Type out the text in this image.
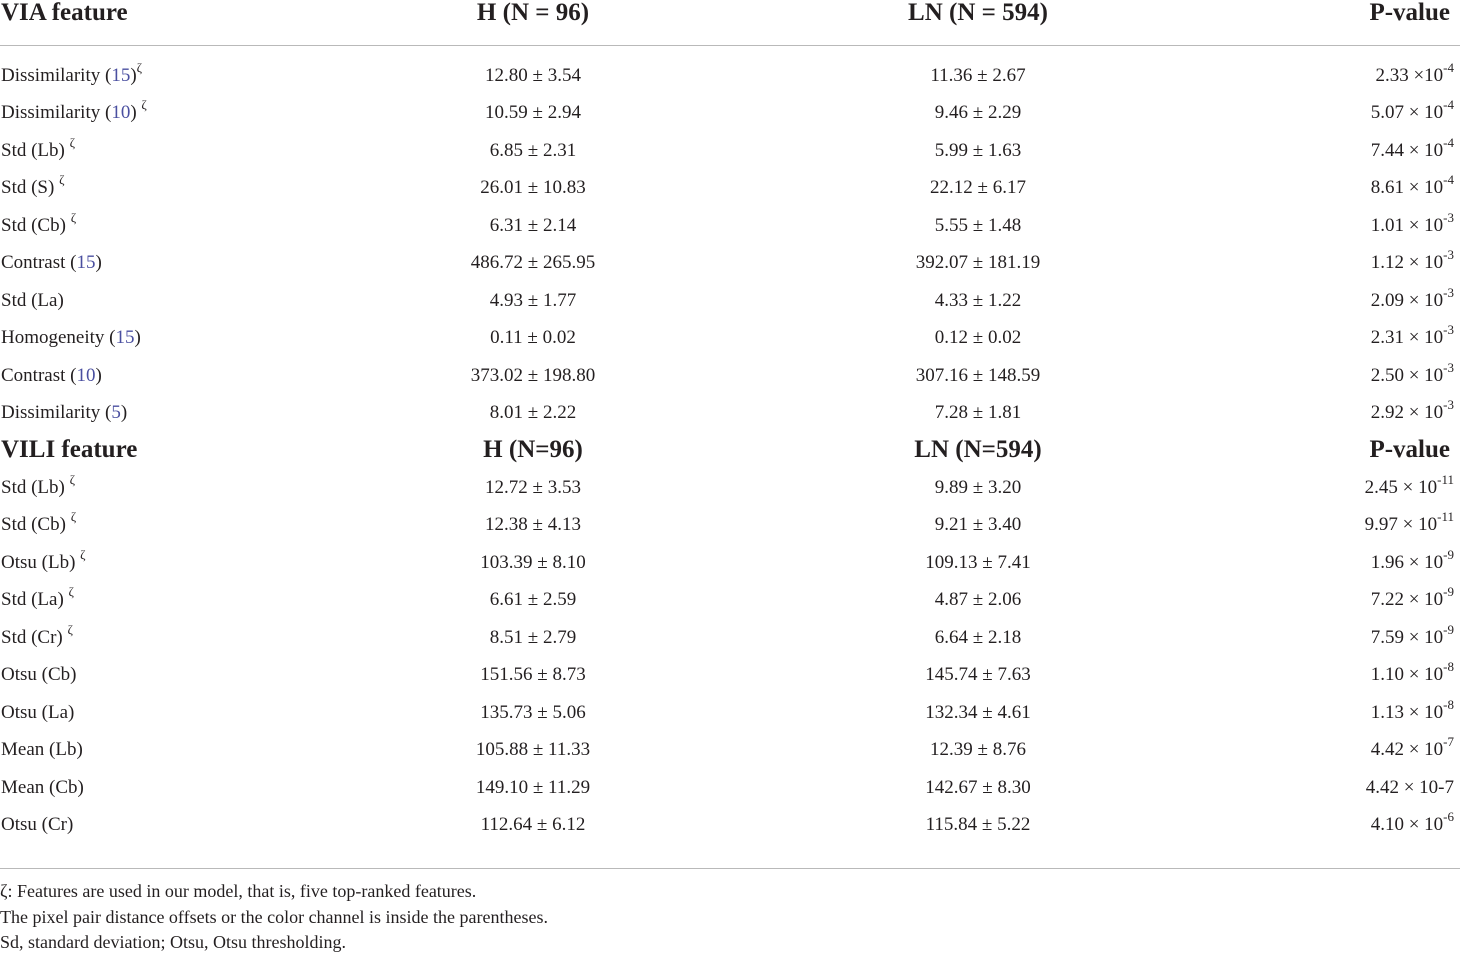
VIA feature	H (N = 96)	LN (N = 594)	P-value
Dissimilarity $(15)^\zeta$	12.80 ± 3.54	11.36 ± 2.67	$2.33 \times 10^{-4}$
Dissimilarity (10) $^\zeta$	10.59 ± 2.94	9.46 ± 2.29	$5.07 \times 10^{-4}$
Std (Lb) $^\zeta$	6.85 ± 2.31	5.99 ± 1.63	$7.44 \times 10^{-4}$
Std (S) $^\zeta$	26.01 ± 10.83	22.12 ± 6.17	$8.61 \times 10^{-4}$
Std (Cb) $^\zeta$	6.31 ± 2.14	5.55 ± 1.48	$1.01 \times 10^{-3}$
Contrast (15)	486.72 ± 265.95	392.07 ± 181.19	$1.12 \times 10^{-3}$
Std (La)	4.93 ± 1.77	4.33 ± 1.22	$2.09 \times 10^{-3}$
Homogeneity (15)	0.11 ± 0.02	0.12 ± 0.02	$2.31 \times 10^{-3}$
Contrast (10)	373.02 ± 198.80	307.16 ± 148.59	$2.50 \times 10^{-3}$
Dissimilarity (5)	8.01 ± 2.22	7.28 ± 1.81	$2.92 \times 10^{-3}$
VILI feature	H (N=96)	LN (N=594)	P-value
Std (Lb) $^\zeta$	12.72 ± 3.53	9.89 ± 3.20	$2.45 \times 10^{-11}$
Std (Cb) $^\zeta$	12.38 ± 4.13	9.21 ± 3.40	$9.97 \times 10^{-11}$
Otsu (Lb) $^\zeta$	103.39 ± 8.10	109.13 ± 7.41	$1.96 \times 10^{-9}$
Std (La) $^\zeta$	6.61 ± 2.59	4.87 ± 2.06	$7.22 \times 10^{-9}$
Std (Cr) $^\zeta$	8.51 ± 2.79	6.64 ± 2.18	$7.59 \times 10^{-9}$
Otsu (Cb)	151.56 ± 8.73	145.74 ± 7.63	$1.10 \times 10^{-8}$
Otsu (La)	135.73 ± 5.06	132.34 ± 4.61	$1.13 \times 10^{-8}$
Mean (Lb)	105.88 ± 11.33	12.39 ± 8.76	$4.42 \times 10^{-7}$
Mean (Cb)	149.10 ± 11.29	142.67 ± 8.30	4.42 × 10-7
Otsu (Cr)	112.64 ± 6.12	115.84 ± 5.22	$4.10 \times 10^{-6}$
ζ: Features are used in our model, that is, five top-ranked features.
The pixel pair distance offsets or the color channel is inside the parentheses.
Sd, standard deviation; Otsu, Otsu thresholding.
